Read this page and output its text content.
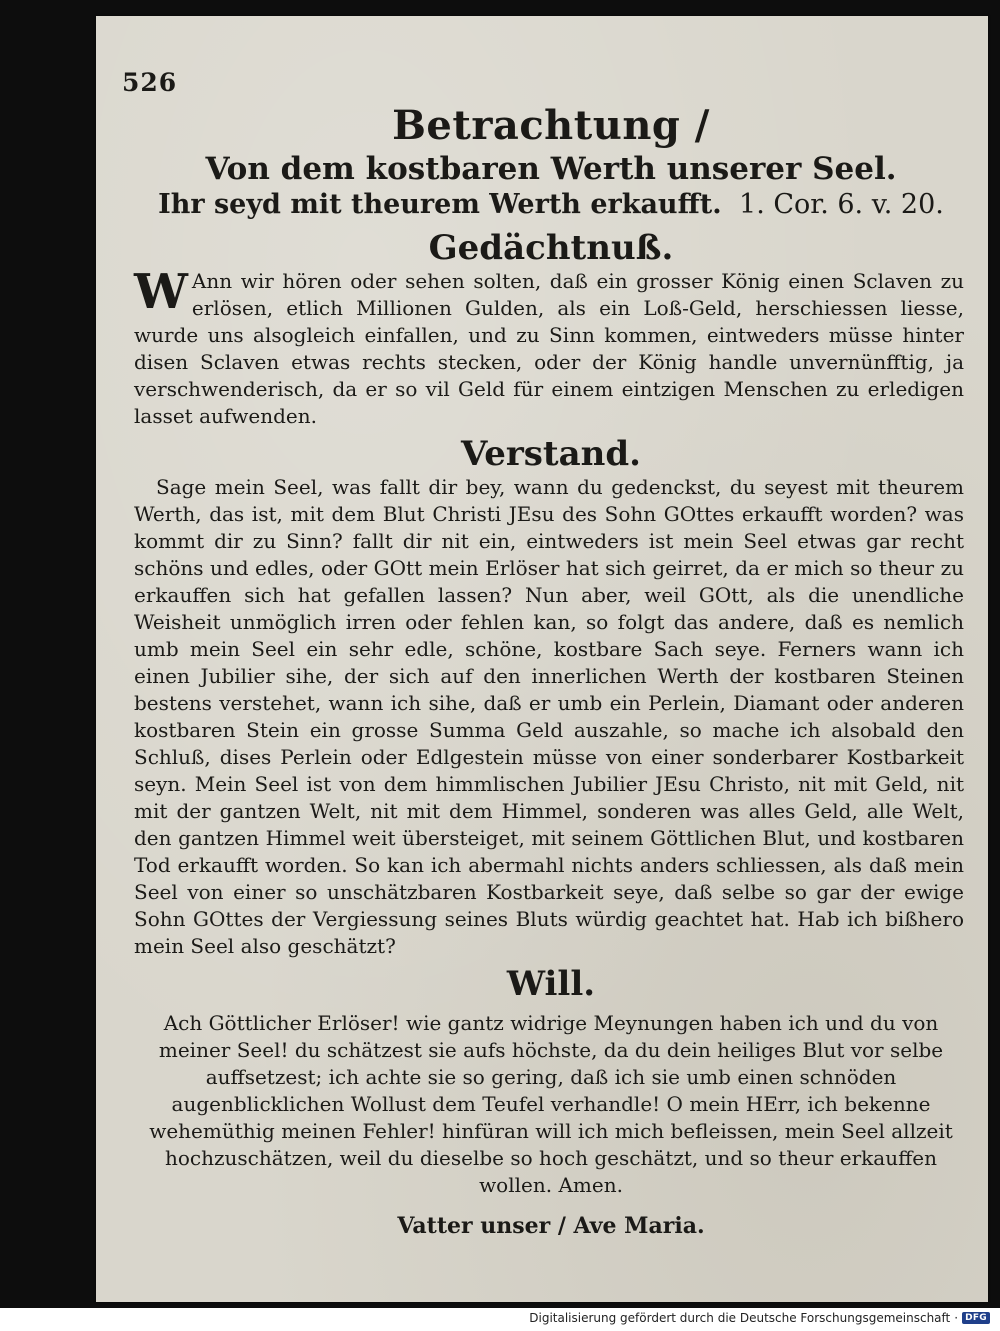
526
Betrachtung /
Von dem kostbaren Werth unserer Seel.
Ihr seyd mit theurem Werth erkaufft. 1. Cor. 6. v. 20.
Gedächtnuß.

WAnn wir hören oder sehen solten, daß ein grosser König einen Sclaven zu erlösen, etlich Millionen Gulden, als ein Loß-Geld, herschiessen liesse, wurde uns alsogleich einfallen, und zu Sinn kommen, eintweders müsse hinter disen Sclaven etwas rechts stecken, oder der König handle unvernünfftig, ja verschwenderisch, da er so vil Geld für einem eintzigen Menschen zu erledigen lasset aufwenden.

Verstand.

Sage mein Seel, was fallt dir bey, wann du gedenckst, du seyest mit theurem Werth, das ist, mit dem Blut Christi JEsu des Sohn GOttes erkaufft worden? was kommt dir zu Sinn? fallt dir nit ein, eintweders ist mein Seel etwas gar recht schöns und edles, oder GOtt mein Erlöser hat sich geirret, da er mich so theur zu erkauffen sich hat gefallen lassen? Nun aber, weil GOtt, als die unendliche Weisheit unmöglich irren oder fehlen kan, so folgt das andere, daß es nemlich umb mein Seel ein sehr edle, schöne, kostbare Sach seye. Ferners wann ich einen Jubilier sihe, der sich auf den innerlichen Werth der kostbaren Steinen bestens verstehet, wann ich sihe, daß er umb ein Perlein, Diamant oder anderen kostbaren Stein ein grosse Summa Geld auszahle, so mache ich alsobald den Schluß, dises Perlein oder Edlgestein müsse von einer sonderbarer Kostbarkeit seyn. Mein Seel ist von dem himmlischen Jubilier JEsu Christo, nit mit Geld, nit mit der gantzen Welt, nit mit dem Himmel, sonderen was alles Geld, alle Welt, den gantzen Himmel weit übersteiget, mit seinem Göttlichen Blut, und kostbaren Tod erkaufft worden. So kan ich abermahl nichts anders schliessen, als daß mein Seel von einer so unschätzbaren Kostbarkeit seye, daß selbe so gar der ewige Sohn GOttes der Vergiessung seines Bluts würdig geachtet hat. Hab ich bißhero mein Seel also geschätzt?

Will.

Ach Göttlicher Erlöser! wie gantz widrige Meynungen haben ich und du von meiner Seel! du schätzest sie aufs höchste, da du dein heiliges Blut vor selbe auffsetzest; ich achte sie so gering, daß ich sie umb einen schnöden augenblicklichen Wollust dem Teufel verhandle! O mein HErr, ich bekenne wehemüthig meinen Fehler! hinfüran will ich mich befleissen, mein Seel allzeit hochzuschätzen, weil du dieselbe so hoch geschätzt, und so theur erkauffen wollen. Amen.

Vatter unser / Ave Maria.
Digitalisierung gefördert durch die Deutsche Forschungsgemeinschaft · DFG
